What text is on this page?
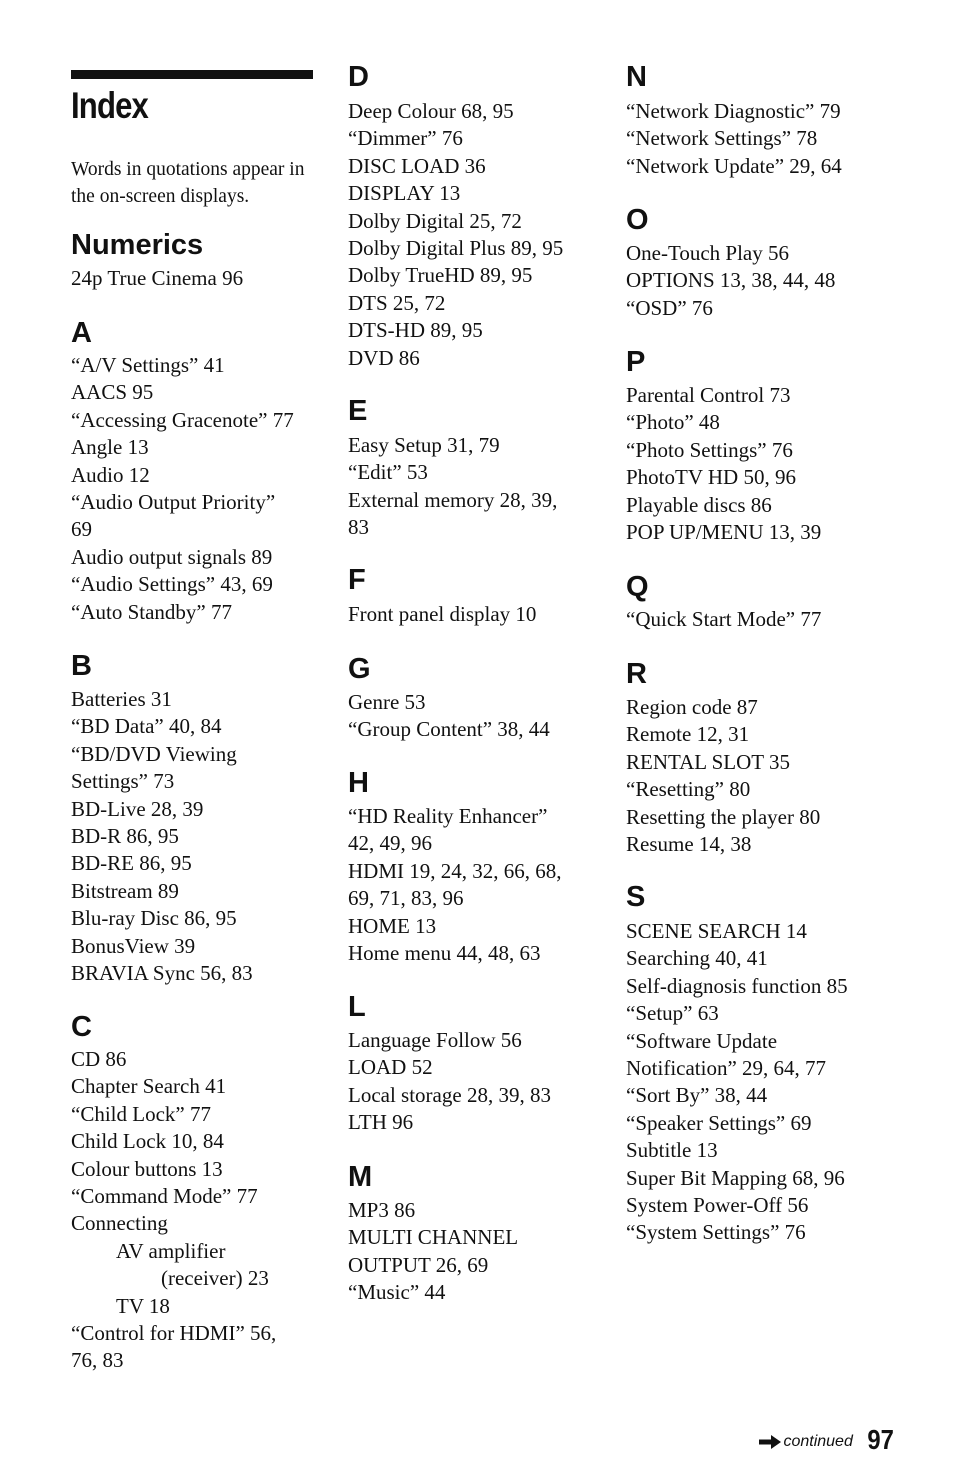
Index

Words in quotations appear in the on-screen displays.

Numerics
24p True Cinema 96
A
“A/V Settings” 41
AACS 95
“Accessing Gracenote” 77
Angle 13
Audio 12
“Audio Output Priority”
69
Audio output signals 89
“Audio Settings” 43, 69
“Auto Standby” 77
B
Batteries 31
“BD Data” 40, 84
“BD/DVD Viewing
Settings” 73
BD-Live 28, 39
BD-R 86, 95
BD-RE 86, 95
Bitstream 89
Blu-ray Disc 86, 95
BonusView 39
BRAVIA Sync 56, 83
C
CD 86
Chapter Search 41
“Child Lock” 77
Child Lock 10, 84
Colour buttons 13
“Command Mode” 77
Connecting
AV amplifier
(receiver) 23
TV 18
“Control for HDMI” 56,
76, 83
D
Deep Colour 68, 95
“Dimmer” 76
DISC LOAD 36
DISPLAY 13
Dolby Digital 25, 72
Dolby Digital Plus 89, 95
Dolby TrueHD 89, 95
DTS 25, 72
DTS-HD 89, 95
DVD 86
E
Easy Setup 31, 79
“Edit” 53
External memory 28, 39,
83
F
Front panel display 10
G
Genre 53
“Group Content” 38, 44
H
“HD Reality Enhancer”
42, 49, 96
HDMI 19, 24, 32, 66, 68,
69, 71, 83, 96
HOME 13
Home menu 44, 48, 63
L
Language Follow 56
LOAD 52
Local storage 28, 39, 83
LTH 96
M
MP3 86
MULTI CHANNEL
OUTPUT 26, 69
“Music” 44
N
“Network Diagnostic” 79
“Network Settings” 78
“Network Update” 29, 64
O
One-Touch Play 56
OPTIONS 13, 38, 44, 48
“OSD” 76
P
Parental Control 73
“Photo” 48
“Photo Settings” 76
PhotoTV HD 50, 96
Playable discs 86
POP UP/MENU 13, 39
Q
“Quick Start Mode” 77
R
Region code 87
Remote 12, 31
RENTAL SLOT 35
“Resetting” 80
Resetting the player 80
Resume 14, 38
S
SCENE SEARCH 14
Searching 40, 41
Self-diagnosis function 85
“Setup” 63
“Software Update
Notification” 29, 64, 77
“Sort By” 38, 44
“Speaker Settings” 69
Subtitle 13
Super Bit Mapping 68, 96
System Power-Off 56
“System Settings” 76
continued 97
